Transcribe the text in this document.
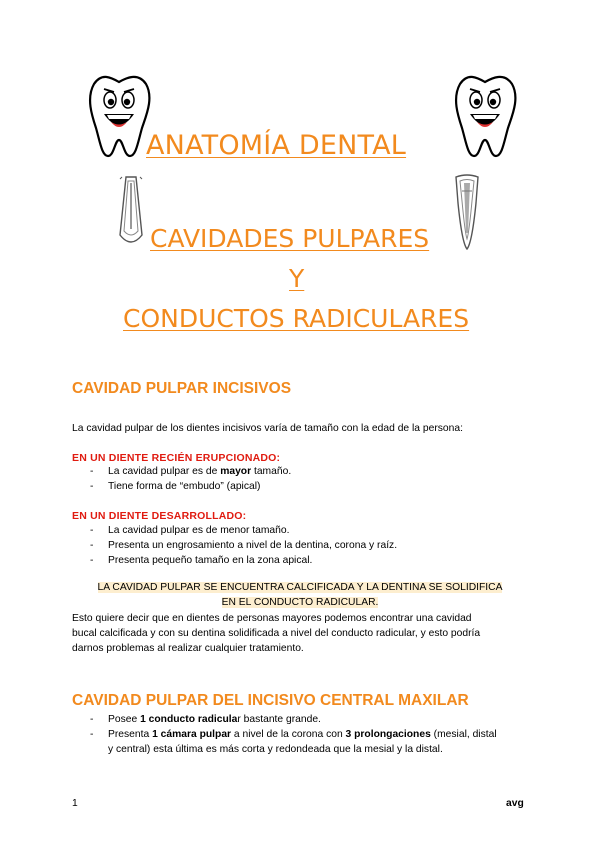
ANATOMÍA DENTAL
CAVIDADES PULPARES
Y
CONDUCTOS RADICULARES
CAVIDAD PULPAR INCISIVOS
La cavidad pulpar de los dientes incisivos varía de tamaño con la edad de la persona:
EN UN DIENTE RECIÉN ERUPCIONADO:
- La cavidad pulpar es de mayor tamaño.
- Tiene forma de “embudo” (apical)
EN UN DIENTE DESARROLLADO:
- La cavidad pulpar es de menor tamaño.
- Presenta un engrosamiento a nivel de la dentina, corona y raíz.
- Presenta pequeño tamaño en la zona apical.
LA CAVIDAD PULPAR SE ENCUENTRA CALCIFICADA Y LA DENTINA SE SOLIDIFICA
EN EL CONDUCTO RADICULAR.
Esto quiere decir que en dientes de personas mayores podemos encontrar una cavidad
bucal calcificada y con su dentina solidificada a nivel del conducto radicular, y esto podría
darnos problemas al realizar cualquier tratamiento.
CAVIDAD PULPAR DEL INCISIVO CENTRAL MAXILAR
- Posee 1 conducto radicular bastante grande.
- Presenta 1 cámara pulpar a nivel de la corona con 3 prolongaciones (mesial, distal
y central) esta última es más corta y redondeada que la mesial y la distal.
1	avg
